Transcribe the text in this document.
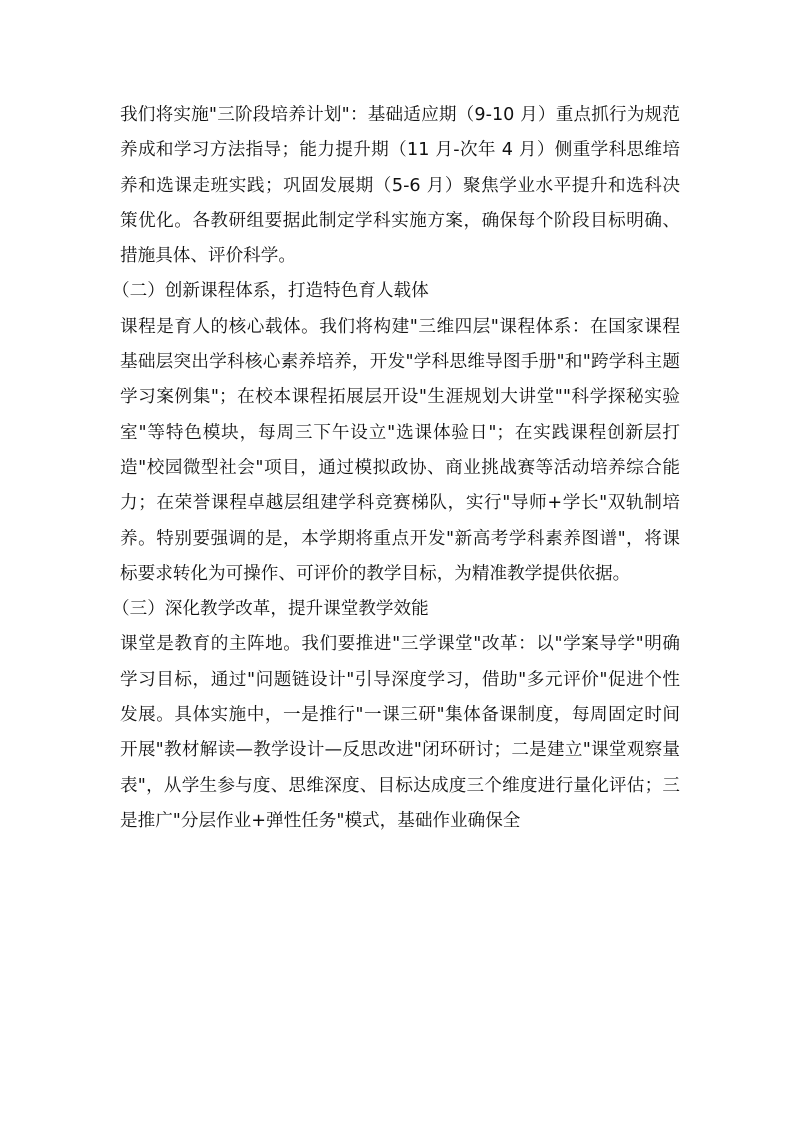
我们将实施"三阶段培养计划"：基础适应期（9-10 月）重点抓行为规范养成和学习方法指导；能力提升期（11 月-次年 4 月）侧重学科思维培养和选课走班实践；巩固发展期（5-6 月）聚焦学业水平提升和选科决策优化。各教研组要据此制定学科实施方案，确保每个阶段目标明确、措施具体、评价科学。

（二）创新课程体系，打造特色育人载体

课程是育人的核心载体。我们将构建"三维四层"课程体系：在国家课程基础层突出学科核心素养培养，开发"学科思维导图手册"和"跨学科主题学习案例集"；在校本课程拓展层开设"生涯规划大讲堂""科学探秘实验室"等特色模块，每周三下午设立"选课体验日"；在实践课程创新层打造"校园微型社会"项目，通过模拟政协、商业挑战赛等活动培养综合能力；在荣誉课程卓越层组建学科竞赛梯队，实行"导师+学长"双轨制培养。特别要强调的是，本学期将重点开发"新高考学科素养图谱"，将课标要求转化为可操作、可评价的教学目标，为精准教学提供依据。

（三）深化教学改革，提升课堂教学效能

课堂是教育的主阵地。我们要推进"三学课堂"改革：以"学案导学"明确学习目标，通过"问题链设计"引导深度学习，借助"多元评价"促进个性发展。具体实施中，一是推行"一课三研"集体备课制度，每周固定时间开展"教材解读—教学设计—反思改进"闭环研讨；二是建立"课堂观察量表"，从学生参与度、思维深度、目标达成度三个维度进行量化评估；三是推广"分层作业+弹性任务"模式，基础作业确保全
